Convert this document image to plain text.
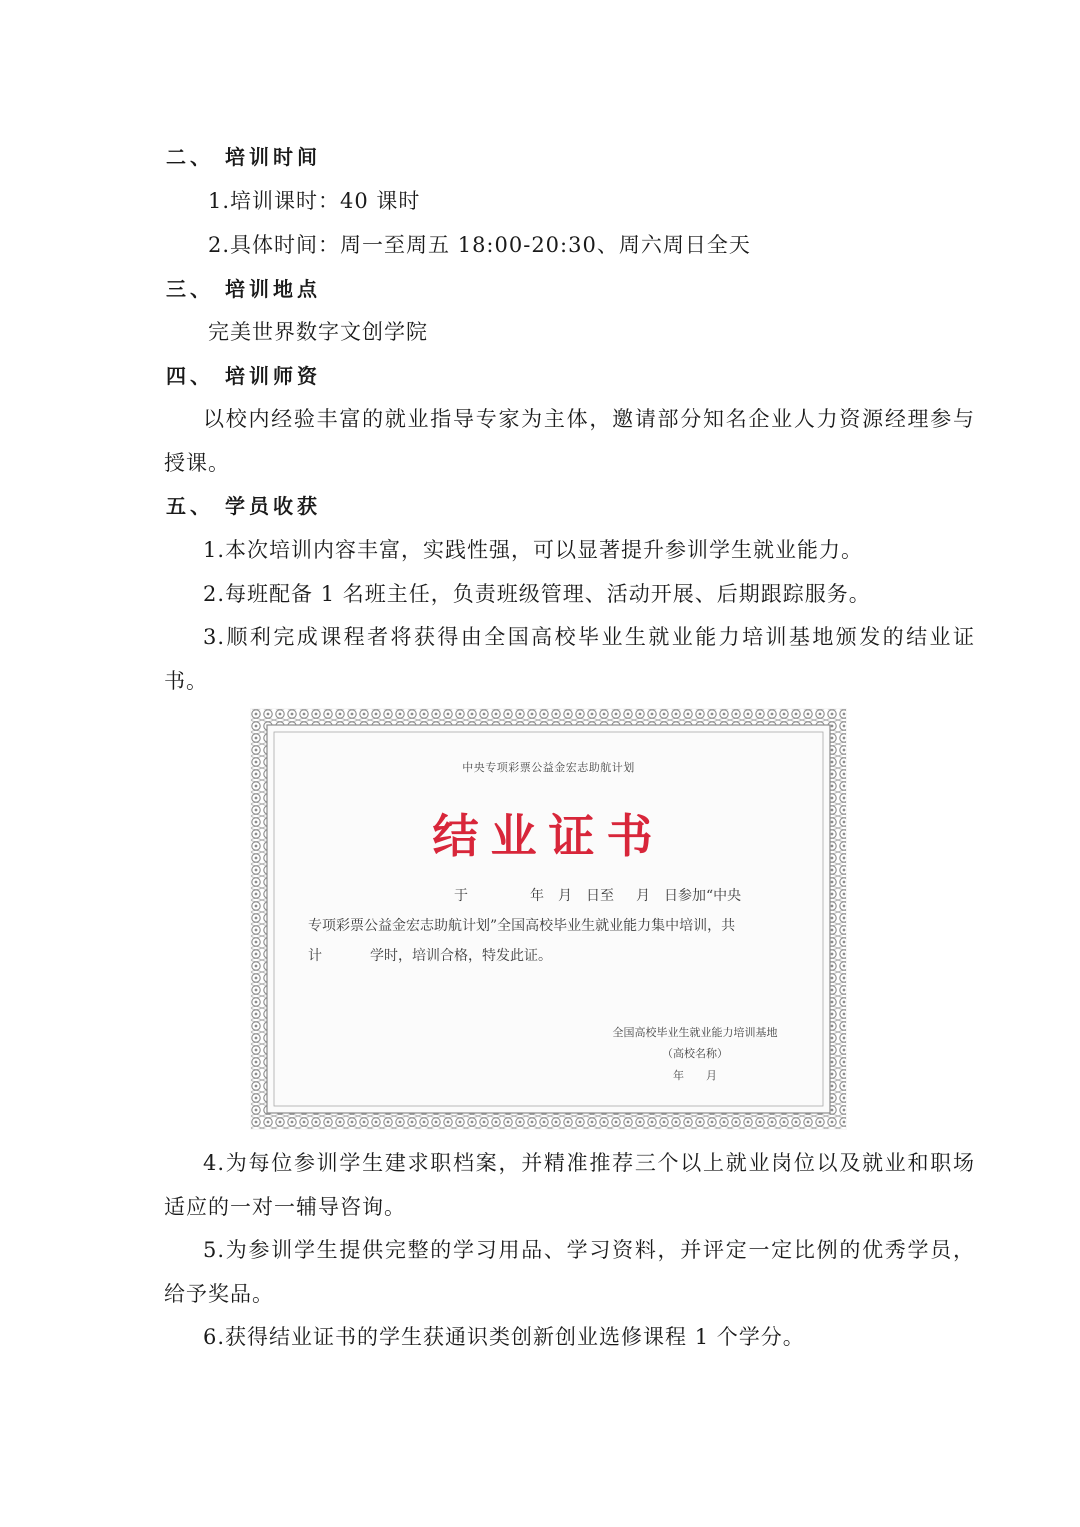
二、 培训时间
1.培训课时：40 课时
2.具体时间：周一至周五 18:00-20:30、周六周日全天
三、 培训地点
完美世界数字文创学院
四、 培训师资
以校内经验丰富的就业指导专家为主体，邀请部分知名企业人力资源经理参与
授课。
五、 学员收获
1.本次培训内容丰富，实践性强，可以显著提升参训学生就业能力。
2.每班配备 1 名班主任，负责班级管理、活动开展、后期跟踪服务。
3.顺利完成课程者将获得由全国高校毕业生就业能力培训基地颁发的结业证
书。
中央专项彩票公益金宏志助航计划
结业证书
于	年　月　日至 月　日参加“中央
专项彩票公益金宏志助航计划”全国高校毕业生就业能力集中培训，共
计	学时，培训合格，特发此证。
全国高校毕业生就业能力培训基地
（高校名称）
年　　月
4.为每位参训学生建求职档案，并精准推荐三个以上就业岗位以及就业和职场
适应的一对一辅导咨询。
5.为参训学生提供完整的学习用品、学习资料，并评定一定比例的优秀学员，
给予奖品。
6.获得结业证书的学生获通识类创新创业选修课程 1 个学分。
